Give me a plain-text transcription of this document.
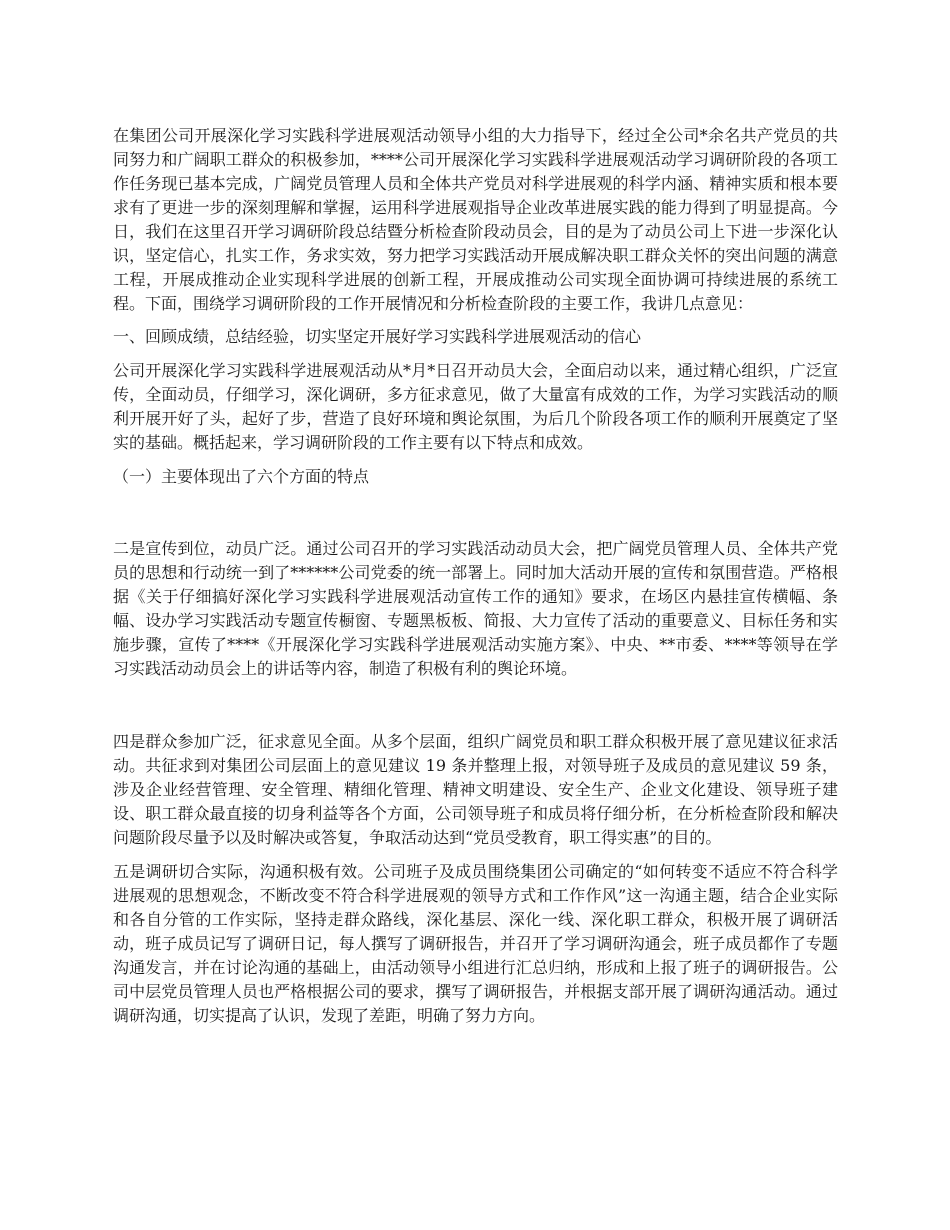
在集团公司开展深化学习实践科学进展观活动领导小组的大力指导下，经过全公司*余名共产党员的共同努力和广阔职工群众的积极参加，****公司开展深化学习实践科学进展观活动学习调研阶段的各项工作任务现已基本完成，广阔党员管理人员和全体共产党员对科学进展观的科学内涵、精神实质和根本要求有了更进一步的深刻理解和掌握，运用科学进展观指导企业改革进展实践的能力得到了明显提高。今日，我们在这里召开学习调研阶段总结暨分析检查阶段动员会，目的是为了动员公司上下进一步深化认识，坚定信心，扎实工作，务求实效，努力把学习实践活动开展成解决职工群众关怀的突出问题的满意工程，开展成推动企业实现科学进展的创新工程，开展成推动公司实现全面协调可持续进展的系统工程。下面，围绕学习调研阶段的工作开展情况和分析检查阶段的主要工作，我讲几点意见：

一、回顾成绩，总结经验，切实坚定开展好学习实践科学进展观活动的信心

公司开展深化学习实践科学进展观活动从*月*日召开动员大会，全面启动以来，通过精心组织，广泛宣传，全面动员，仔细学习，深化调研，多方征求意见，做了大量富有成效的工作，为学习实践活动的顺利开展开好了头，起好了步，营造了良好环境和舆论氛围，为后几个阶段各项工作的顺利开展奠定了坚实的基础。概括起来，学习调研阶段的工作主要有以下特点和成效。

（一）主要体现出了六个方面的特点

二是宣传到位，动员广泛。通过公司召开的学习实践活动动员大会，把广阔党员管理人员、全体共产党员的思想和行动统一到了******公司党委的统一部署上。同时加大活动开展的宣传和氛围营造。严格根据《关于仔细搞好深化学习实践科学进展观活动宣传工作的通知》要求，在场区内悬挂宣传横幅、条幅、设办学习实践活动专题宣传橱窗、专题黑板板、简报、大力宣传了活动的重要意义、目标任务和实施步骤，宣传了****《开展深化学习实践科学进展观活动实施方案》、中央、**市委、****等领导在学习实践活动动员会上的讲话等内容，制造了积极有利的舆论环境。

四是群众参加广泛，征求意见全面。从多个层面，组织广阔党员和职工群众积极开展了意见建议征求活动。共征求到对集团公司层面上的意见建议 19 条并整理上报，对领导班子及成员的意见建议 59 条，涉及企业经营管理、安全管理、精细化管理、精神文明建设、安全生产、企业文化建设、领导班子建设、职工群众最直接的切身利益等各个方面，公司领导班子和成员将仔细分析，在分析检查阶段和解决问题阶段尽量予以及时解决或答复，争取活动达到“党员受教育，职工得实惠”的目的。

五是调研切合实际，沟通积极有效。公司班子及成员围绕集团公司确定的“如何转变不适应不符合科学进展观的思想观念，不断改变不符合科学进展观的领导方式和工作作风”这一沟通主题，结合企业实际和各自分管的工作实际，坚持走群众路线，深化基层、深化一线、深化职工群众，积极开展了调研活动，班子成员记写了调研日记，每人撰写了调研报告，并召开了学习调研沟通会，班子成员都作了专题沟通发言，并在讨论沟通的基础上，由活动领导小组进行汇总归纳，形成和上报了班子的调研报告。公司中层党员管理人员也严格根据公司的要求，撰写了调研报告，并根据支部开展了调研沟通活动。通过调研沟通，切实提高了认识，发现了差距，明确了努力方向。
